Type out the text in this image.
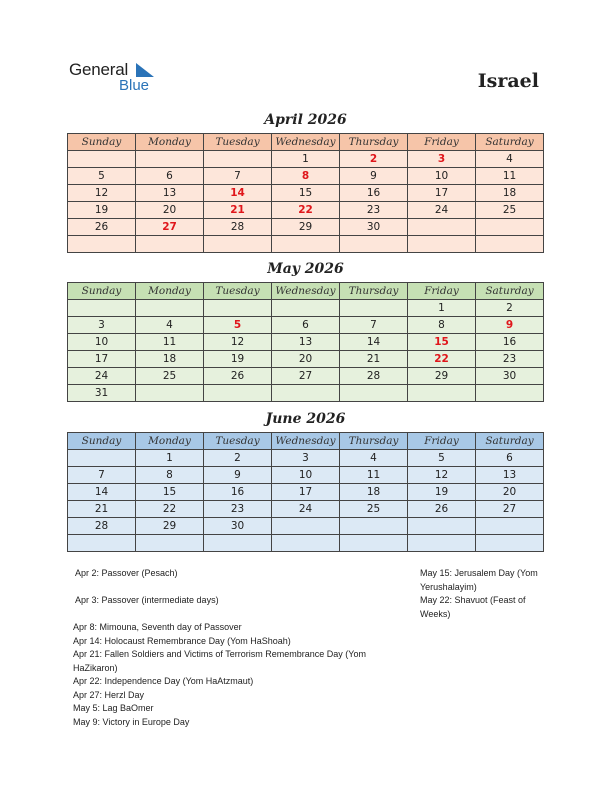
General
Blue	Israel
April 2026
Sunday	Monday	Tuesday	Wednesday	Thursday	Friday	Saturday
			1	2	3	4
5	6	7	8	9	10	11
12	13	14	15	16	17	18
19	20	21	22	23	24	25
26	27	28	29	30		

May 2026
Sunday	Monday	Tuesday	Wednesday	Thursday	Friday	Saturday
					1	2
3	4	5	6	7	8	9
10	11	12	13	14	15	16
17	18	19	20	21	22	23
24	25	26	27	28	29	30
31						
June 2026
Sunday	Monday	Tuesday	Wednesday	Thursday	Friday	Saturday
	1	2	3	4	5	6
7	8	9	10	11	12	13
14	15	16	17	18	19	20
21	22	23	24	25	26	27
28	29	30				

Apr 2: Passover (Pesach)
Apr 3: Passover (intermediate days)
Apr 8: Mimouna, Seventh day of Passover
Apr 14: Holocaust Remembrance Day (Yom HaShoah)
Apr 21: Fallen Soldiers and Victims of Terrorism Remembrance Day (Yom HaZikaron)
Apr 22: Independence Day (Yom HaAtzmaut)
Apr 27: Herzl Day
May 5: Lag BaOmer
May 9: Victory in Europe Day
May 15: Jerusalem Day (Yom Yerushalayim)
May 22: Shavuot (Feast of Weeks)
